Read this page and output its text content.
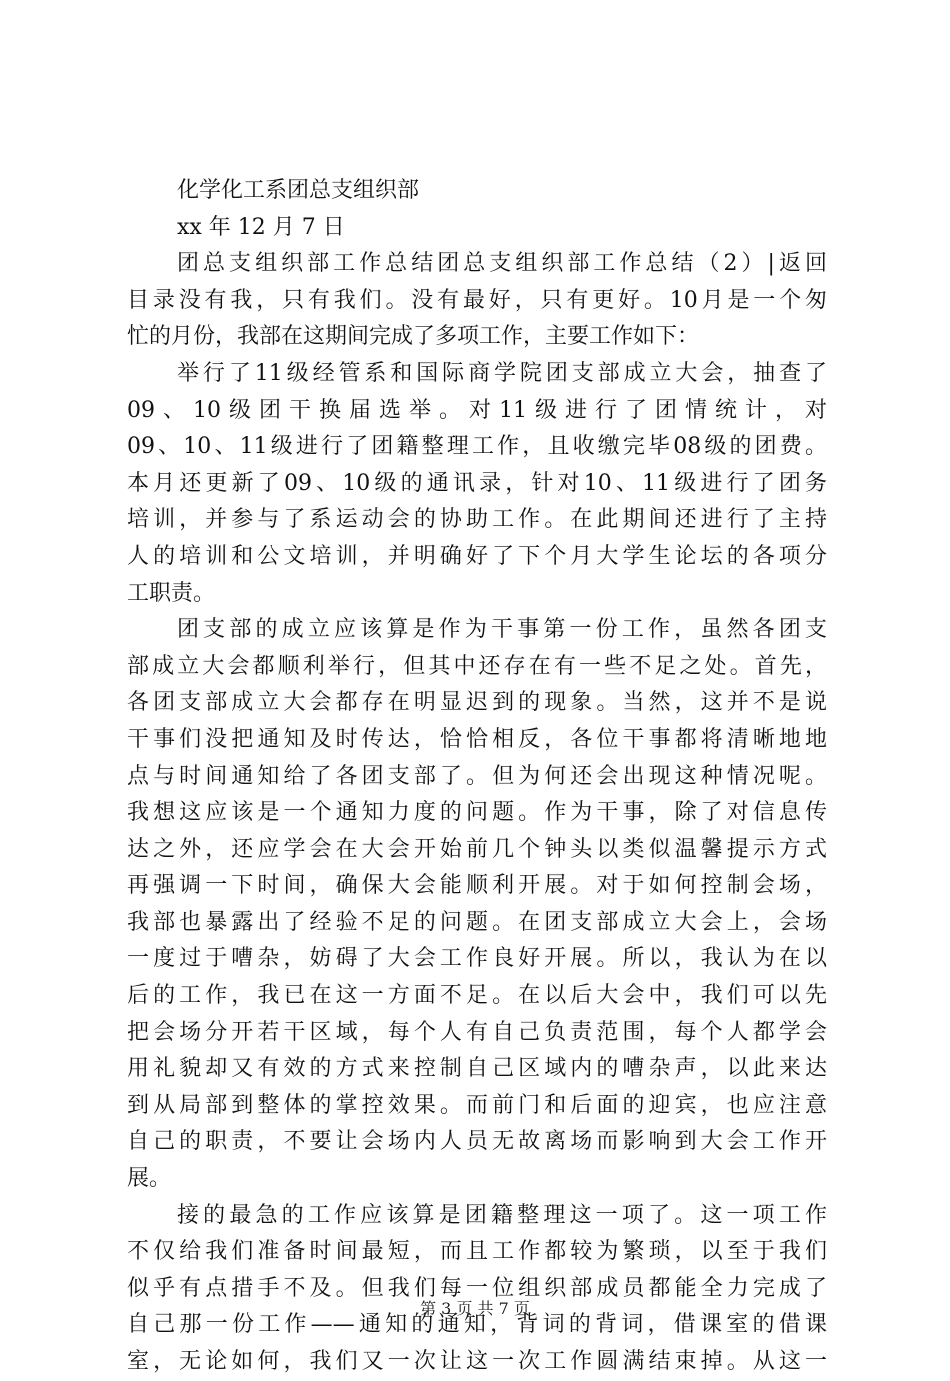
化学化工系团总支组织部

xx 年 12 月 7 日

团总支组织部工作总结团总支组织部工作总结（2）|返回
目录没有我，只有我们。没有最好，只有更好。10月是一个匆
忙的月份，我部在这期间完成了多项工作，主要工作如下：
举行了11级经管系和国际商学院团支部成立大会，抽查了
09、10级团干换届选举。对11级进行了团情统计，对
09、10、11级进行了团籍整理工作，且收缴完毕08级的团费。
本月还更新了09、10级的通讯录，针对10、11级进行了团务
培训，并参与了系运动会的协助工作。在此期间还进行了主持
人的培训和公文培训，并明确好了下个月大学生论坛的各项分
工职责。
团支部的成立应该算是作为干事第一份工作，虽然各团支
部成立大会都顺利举行，但其中还存在有一些不足之处。首先，
各团支部成立大会都存在明显迟到的现象。当然，这并不是说
干事们没把通知及时传达，恰恰相反，各位干事都将清晰地地
点与时间通知给了各团支部了。但为何还会出现这种情况呢。
我想这应该是一个通知力度的问题。作为干事，除了对信息传
达之外，还应学会在大会开始前几个钟头以类似温馨提示方式
再强调一下时间，确保大会能顺利开展。对于如何控制会场，
我部也暴露出了经验不足的问题。在团支部成立大会上，会场
一度过于嘈杂，妨碍了大会工作良好开展。所以，我认为在以
后的工作，我已在这一方面不足。在以后大会中，我们可以先
把会场分开若干区域，每个人有自己负责范围，每个人都学会
用礼貌却又有效的方式来控制自己区域内的嘈杂声，以此来达
到从局部到整体的掌控效果。而前门和后面的迎宾，也应注意
自己的职责，不要让会场内人员无故离场而影响到大会工作开
展。
接的最急的工作应该算是团籍整理这一项了。这一项工作
不仅给我们准备时间最短，而且工作都较为繁琐，以至于我们
似乎有点措手不及。但我们每一位组织部成员都能全力完成了
自己那一份工作——通知的通知，背词的背词，借课室的借课
室，无论如何，我们又一次让这一次工作圆满结束掉。从这一
第 3 页 共 7 页
